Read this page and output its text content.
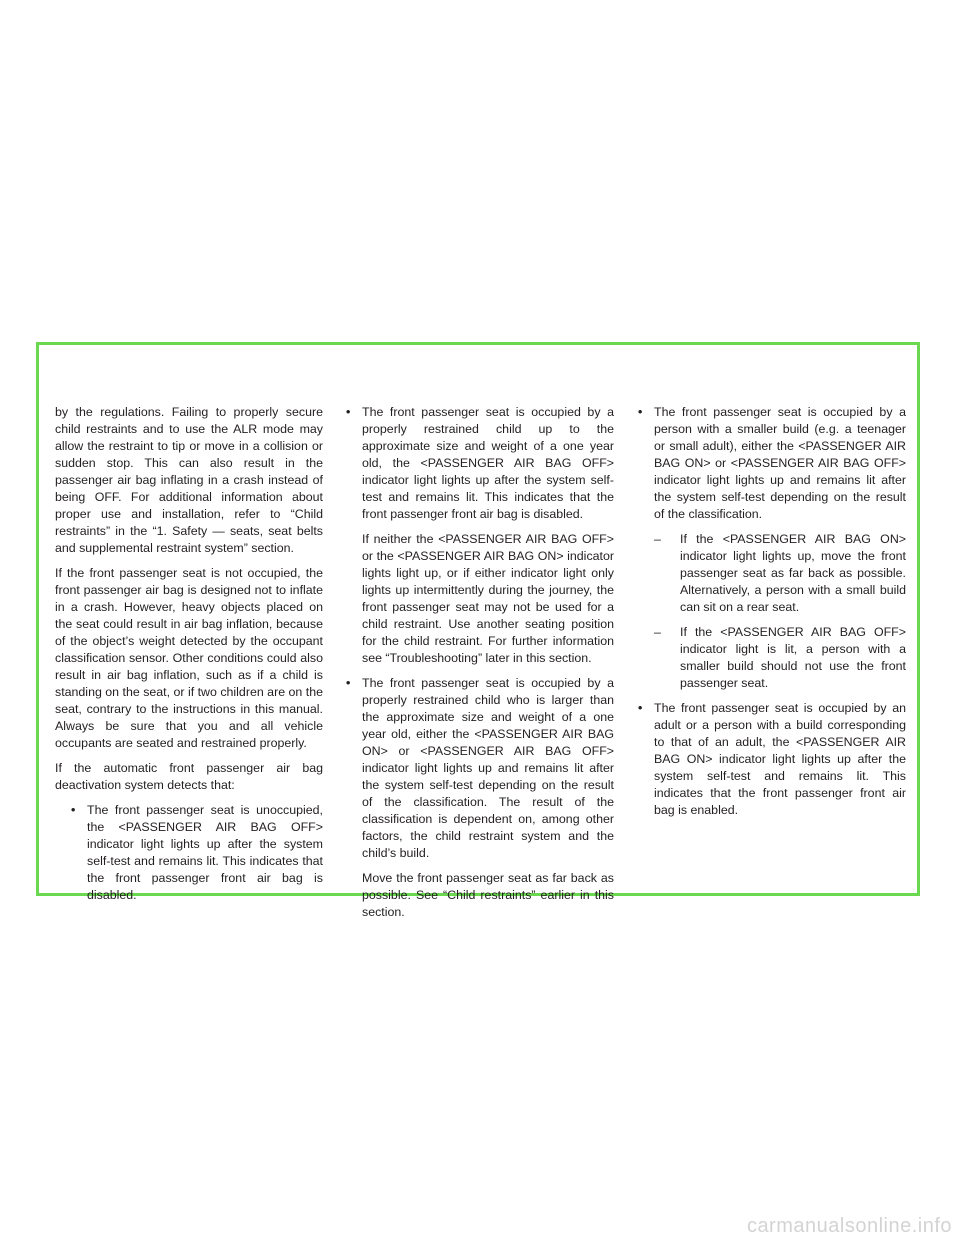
by the regulations. Failing to properly secure child restraints and to use the ALR mode may allow the restraint to tip or move in a collision or sudden stop. This can also result in the passenger air bag inflating in a crash instead of being OFF. For additional information about proper use and installation, refer to “Child restraints” in the “1. Safety — seats, seat belts and supplemental restraint system” section.

If the front passenger seat is not occupied, the front passenger air bag is designed not to inflate in a crash. However, heavy objects placed on the seat could result in air bag inflation, because of the object’s weight detected by the occupant classification sensor. Other conditions could also result in air bag inflation, such as if a child is standing on the seat, or if two children are on the seat, contrary to the instructions in this manual. Always be sure that you and all vehicle occupants are seated and restrained properly.

If the automatic front passenger air bag deactivation system detects that:

• The front passenger seat is unoccupied, the <PASSENGER AIR BAG OFF> indicator light lights up after the system self-test and remains lit. This indicates that the front passenger front air bag is disabled.
• The front passenger seat is occupied by a properly restrained child up to the approximate size and weight of a one year old, the <PASSENGER AIR BAG OFF> indicator light lights up after the system self-test and remains lit. This indicates that the front passenger front air bag is disabled.

If neither the <PASSENGER AIR BAG OFF> or the <PASSENGER AIR BAG ON> indicator lights light up, or if either indicator light only lights up intermittently during the journey, the front passenger seat may not be used for a child restraint. Use another seating position for the child restraint. For further information see “Troubleshooting” later in this section.

• The front passenger seat is occupied by a properly restrained child who is larger than the approximate size and weight of a one year old, either the <PASSENGER AIR BAG ON> or <PASSENGER AIR BAG OFF> indicator light lights up and remains lit after the system self-test depending on the result of the classification. The result of the classification is dependent on, among other factors, the child restraint system and the child’s build.

Move the front passenger seat as far back as possible. See “Child restraints” earlier in this section.

• The front passenger seat is occupied by a person with a smaller build (e.g. a teenager or small adult), either the <PASSENGER AIR BAG ON> or <PASSENGER AIR BAG OFF> indicator light lights up and remains lit after the system self-test depending on the result of the classification.
– If the <PASSENGER AIR BAG ON> indicator light lights up, move the front passenger seat as far back as possible. Alternatively, a person with a small build can sit on a rear seat.
– If the <PASSENGER AIR BAG OFF> indicator light is lit, a person with a smaller build should not use the front passenger seat.
• The front passenger seat is occupied by an adult or a person with a build corresponding to that of an adult, the <PASSENGER AIR BAG ON> indicator light lights up after the system self-test and remains lit. This indicates that the front passenger front air bag is enabled.
carmanualsonline.info
